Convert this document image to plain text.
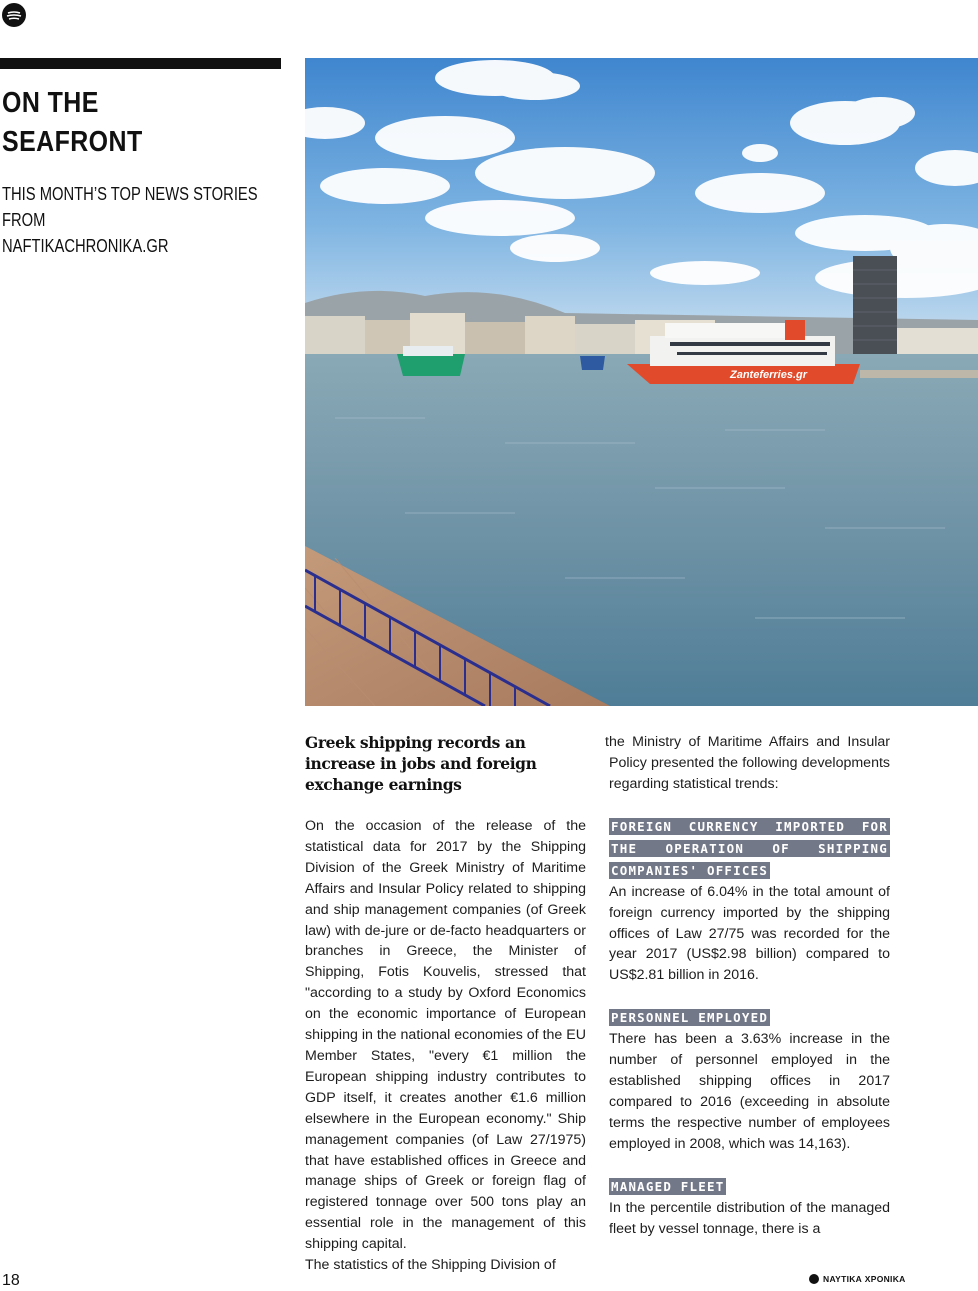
ON THE
SEAFRONT
THIS MONTH’S TOP NEWS STORIES FROM
NAFTIKACHRONIKA.GR
Zanteferries.gr
Greek shipping records an increase in jobs and foreign exchange earnings

On the occasion of the release of the statistical data for 2017 by the Shipping Division of the Greek Ministry of Maritime Affairs and Insular Policy related to shipping and ship management companies (of Greek law) with de-jure or de-facto headquarters or branches in Greece, the Minister of Shipping, Fotis Kouvelis, stressed that "according to a study by Oxford Economics on the economic importance of European shipping in the national economies of the EU Member States, "every €1 million the European shipping industry contributes to GDP itself, it creates another €1.6 million elsewhere in the European economy." Ship management companies (of Law 27/1975) that have established offices in Greece and manage ships of Greek or foreign flag of registered tonnage over 500 tons play an essential role in the management of this shipping capital.

The statistics of the Shipping Division of

the Ministry of Maritime Affairs and Insular Policy presented the following developments regarding statistical trends:

FOREIGN CURRENCY IMPORTED FOR THE OPERATION OF SHIPPING COMPANIES' OFFICES

An increase of 6.04% in the total amount of foreign currency imported by the shipping offices of Law 27/75 was recorded for the year 2017 (US$2.98 billion) compared to US$2.81 billion in 2016.

PERSONNEL EMPLOYED

There has been a 3.63% increase in the number of personnel employed in the established shipping offices in 2017 compared to 2016 (exceeding in absolute terms the respective number of employees employed in 2008, which was 14,163).

MANAGED FLEET

In the percentile distribution of the managed fleet by vessel tonnage, there is a

18	ΝΑΥΤΙΚΑ ΧΡΟΝΙΚΑ
